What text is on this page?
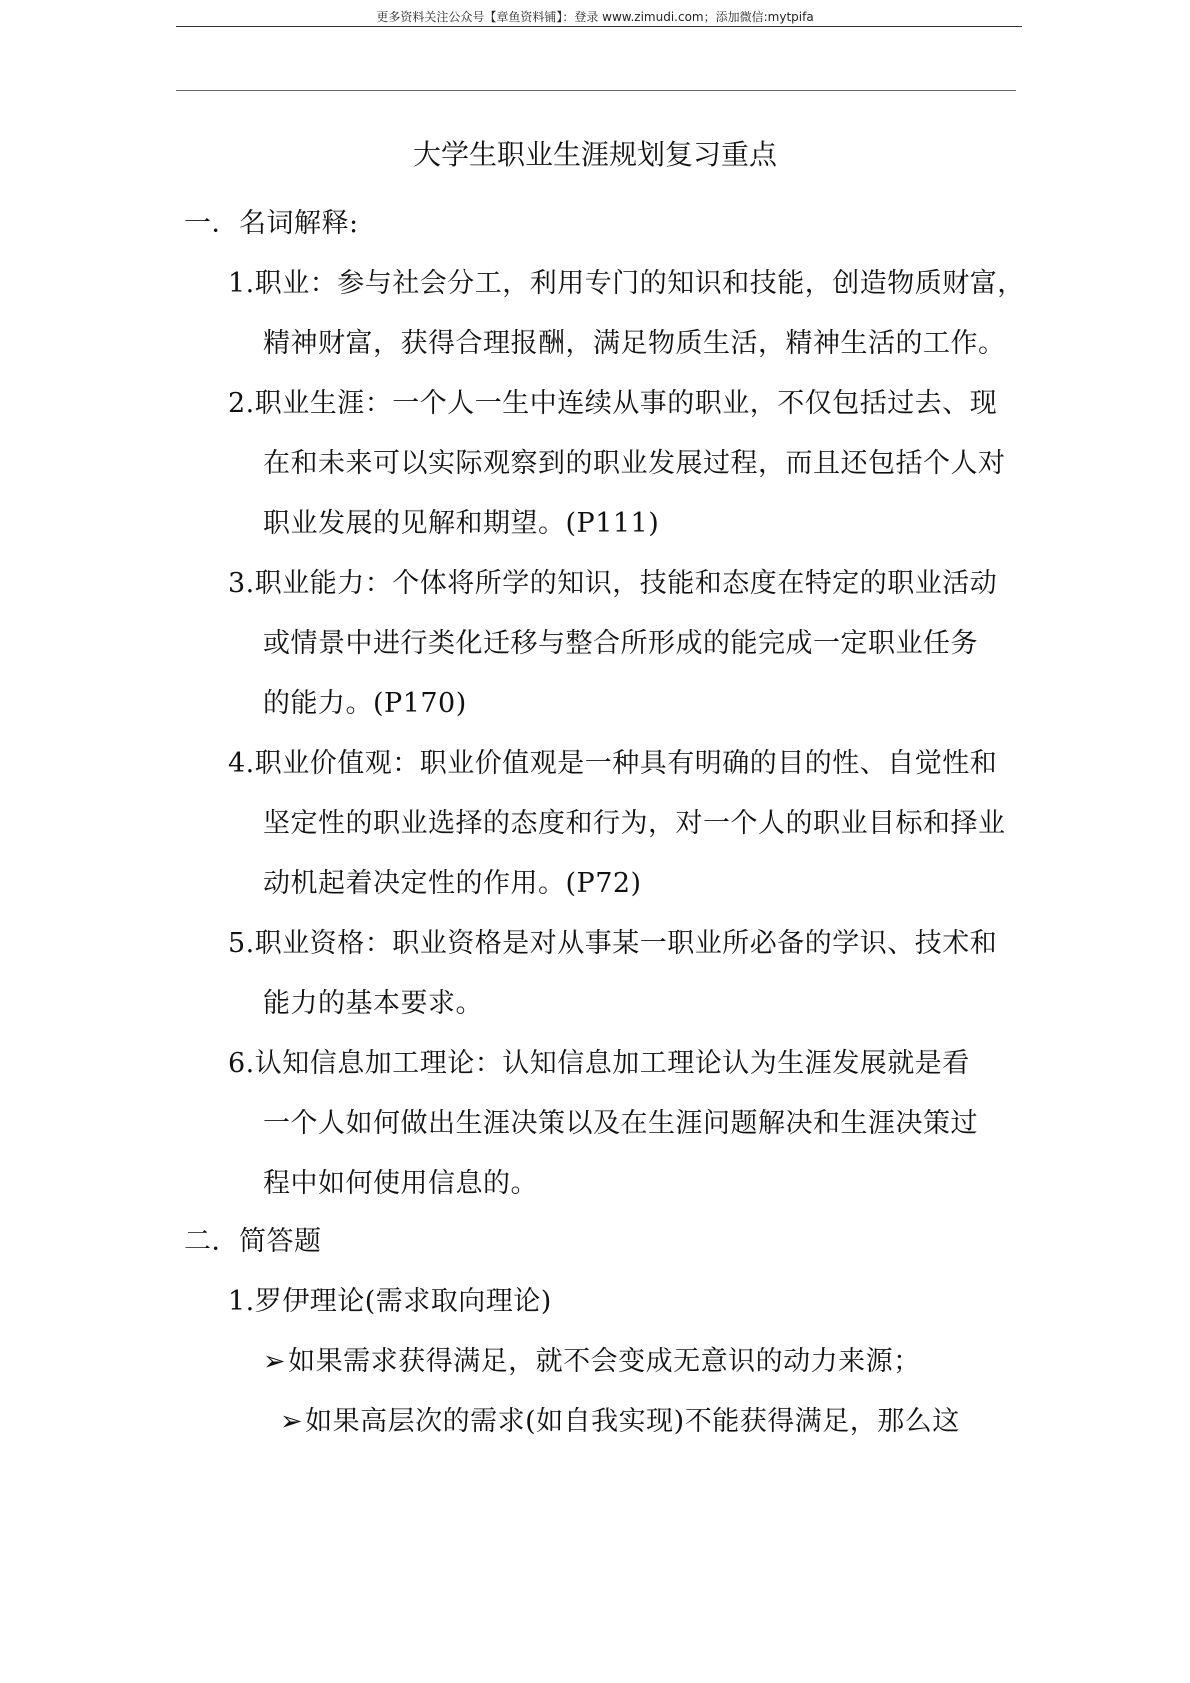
更多资料关注公众号【章鱼资料铺】：登录 www.zimudi.com；添加微信:mytpifa
大学生职业生涯规划复习重点
一．名词解释:
1.职业：参与社会分工，利用专门的知识和技能，创造物质财富，
精神财富，获得合理报酬，满足物质生活，精神生活的工作。
2.职业生涯：一个人一生中连续从事的职业，不仅包括过去、现
在和未来可以实际观察到的职业发展过程，而且还包括个人对
职业发展的见解和期望。(P111)
3.职业能力：个体将所学的知识，技能和态度在特定的职业活动
或情景中进行类化迁移与整合所形成的能完成一定职业任务
的能力。(P170)
4.职业价值观：职业价值观是一种具有明确的目的性、自觉性和
坚定性的职业选择的态度和行为，对一个人的职业目标和择业
动机起着决定性的作用。(P72)
5.职业资格：职业资格是对从事某一职业所必备的学识、技术和
能力的基本要求。
6.认知信息加工理论：认知信息加工理论认为生涯发展就是看
一个人如何做出生涯决策以及在生涯问题解决和生涯决策过
程中如何使用信息的。
二．简答题
1.罗伊理论(需求取向理论)
➢如果需求获得满足，就不会变成无意识的动力来源；
➢如果高层次的需求(如自我实现)不能获得满足，那么这
